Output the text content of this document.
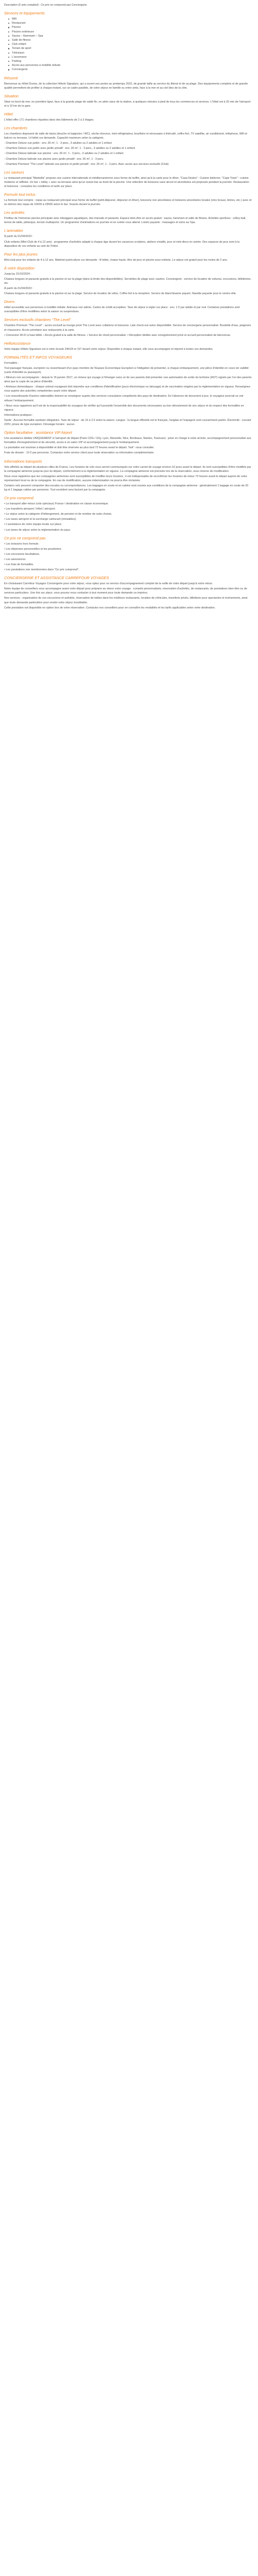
Description (5 sets compiled) : Ce prix ne comprend pas Conciergerie.

Services et équipements
Wifi
Restaurant
Piscine
Piscine extérieure
Sauna – Hammam – Spa
Salle de fitness
Club enfant
Terrain de sport
Télévision
L'ascenseur
Parking
Accès aux personnes à mobilité réduite
Conciergerie
Résumé

Bienvenue au Hôtel Dunes, de la collection Hôtels Signature, qui a ouvert ses portes au printemps 2022, de grande taille au service du littoral et de sa plage. Des équipements complets et de grande qualité permettent de profiter à chaque instant, sur un cadre paisible, de votre séjour en famille ou entre amis, face à la mer et au ciel bleu de la côte.

Situation

Situé en bord de mer, en première ligne, face à la grande plage de sable fin, en plein cœur de la station, à quelques minutes à pied de tous les commerces et services. L'hôtel est à 20 min de l'aéroport et à 10 km de la gare.

Hôtel

L'hôtel offre 171 chambres réparties dans des bâtiments de 2 à 3 étages.

Les chambres

Les chambres disposent de salle de bains (douche et baignoire / WC), sèche-cheveux, mini-réfrigérateur, bouilloire et nécessaire à thé/café, coffre-fort, TV satellite, air conditionné, téléphone, Wifi et balcon ou terrasse. Lit bébé sur demande. Capacité maximum selon la catégorie.

- Chambre Deluxe vue jardin : env. 26 m², 1 - 3 pers., 3 adultes ou 2 adultes et 1 enfant.

- Chambre Deluxe vue jardin avec jardin privatif : env. 26 m², 1 - 3 pers., 3 adultes ou 2 adultes et 1 enfant.

- Chambre Deluxe latérale vue piscine : env. 26 m², 1 - 3 pers., 3 adultes ou 2 adultes et 1 enfant.

- Chambre Deluxe latérale vue piscine avec jardin privatif : env. 26 m², 1 - 3 pers.

- Chambre Premium "The Level" latérale vue piscine et jardin privatif : env. 26 m², 1 - 3 pers. Avec accès aux services exclusifs (Club).

Les saveurs

Le restaurant principal "Marbella" propose une cuisine internationale et méditerranéenne sous forme de buffet, ainsi qu'à la carte pour le dîner. "Casa Nostra" : Cuisine italienne. "Cape Town" : cuisine moderne et raffinée. Un bar « lobby » avec sa terrasse ainsi qu'un snack-bar au bord de la piscine. Une sélection de boissons sans alcool et alcoolisées est proposée pendant la journée. Restauration et boissons : consultez les conditions et tarifs sur place.

Formule tout inclus

La formule tout compris : repas au restaurant principal sous forme de buffet (petit-déjeuner, déjeuner et dîner), boissons non alcoolisées et boissons alcoolisées locales (vins locaux, bières, etc.) avec et en dehors des repas de 10h00 à 23h00 selon le bar. Snacks durant la journée.

Les activités

Profitez de l'immense piscine principale avec toboggans aquatiques, des transats et parasols. Espace bien-être en accès gratuit : sauna, hammam et salle de fitness. Activités sportives : volley-ball, tennis de table, pétanque, terrain multisports. Un programme d'animations en journée et en soirée vous attend. Loisirs payants : massages et soins au Spa.

L'animation

À partir du 01/04/2023 :

Club enfants (Mini-Club de 4 à 12 ans) : programme d'activités adapté à chaque âge durant les vacances scolaires, ateliers créatifs, jeux et mini-disco en soirée. Des espaces de jeux sont à la disposition de vos enfants au sein de l'hôtel.

Pour les plus jeunes

Mini-club pour les enfants de 4 à 12 ans. Matériel puériculture sur demande : lit bébé, chaise haute. Aire de jeux et piscine pour enfants. Le séjour est gratuit pour les moins de 2 ans.

À votre disposition

Jusqu'au 31/10/2024 :

Chaises longues et parasols gratuits à la piscine et sur la plage (dans la limite des disponibilités). Serviettes de plage avec caution. Conciergerie : service de location de voitures, excursions, billetteries, etc.

À partir du 01/04/2023 :

Chaises longues et parasols gratuits à la piscine et sur la plage. Service de location de vélos. Coffre-fort à la réception. Service de blanchisserie payant. Navette payante pour le centre-ville.

Divers

Hôtel accessible aux personnes à mobilité réduite. Animaux non admis. Cartes de crédit acceptées. Taxe de séjour à régler sur place : env. 1 € par adulte et par nuit. Certaines prestations sont susceptibles d'être modifiées selon la saison ou suspendues.

Services exclusifs chambres "The Level"

Chambre Premium "The Level" : accès exclusif au lounge privé The Level avec collations et boissons. Late check-out selon disponibilité. Service de conciergerie personnalisé. Bouteille d'eau, peignoirs et chaussons. Accès prioritaire aux restaurants à la carte.

• Connexion Wi-Fi à haut débit. • Accès gratuit à la salle de fitness. • Service de réveil personnalisé. • Réception dédiée avec enregistrement privé et accueil personnalisé de bienvenue.

HelloAssistance

Votre équipe Hôtels Signature est à votre écoute 24h/24 et 7j/7 durant votre séjour. Disponible à chaque instant, elle vous accompagne et répond à toutes vos demandes.

FORMALITÉS ET INFOS VOYAGEURS

Formalités :

Tout passager français, européen ou ressortissant d'un pays membre de l'Espace Économique Européen à l'obligation de présenter, à chaque embarquement, une pièce d'identité en cours de validité (carte d'identité ou passeport).

• Mineurs non accompagnés : depuis le 15 janvier 2017, un mineur qui voyage à l'étranger sans un de ses parents doit présenter une autorisation de sortie du territoire (AST) signée par l'un des parents ainsi que la copie de sa pièce d'identité.

• Animaux domestiques : chaque animal voyageant doit répondre aux conditions d'identification (puce électronique ou tatouage) et de vaccination exigées par la réglementation en vigueur. Renseignez-vous auprès des autorités compétentes avant votre départ.

• Les ressortissants d'autres nationalités doivent se renseigner auprès des services consulaires compétents des pays de destination. En l'absence de document à jour, le voyageur pourrait se voir refuser l'embarquement.

• Nous vous rappelons qu'il est de la responsabilité du voyageur de vérifier qu'il possède l'ensemble des documents nécessaires au bon déroulement de son séjour et du respect des formalités en vigueur.

Informations pratiques :

Santé : Aucune formalité sanitaire obligatoire. Taxe de séjour : de 1€ à 3 € selon la saison. Langue : la langue officielle est le français, l'anglais et l'espagnol sont couramment parlés. Électricité : courant 220V, prises de type européen. Décalage horaire : aucun.

Option facultative : assistance VIP Airport

Une assistance dédiée UNIQUEMENT à l'aéroport de départ (Paris CDG / Orly, Lyon, Marseille, Nice, Bordeaux, Nantes, Toulouse) : prise en charge à votre arrivée, accompagnement personnalisé aux formalités d'enregistrement et de sécurité, accès à un salon VIP et accompagnement jusqu'à l'embarquement.

La prestation est soumise à disponibilité et doit être réservée au plus tard 72 heures avant le départ. Tarif : nous consulter.

Frais de dossier : 10 € par personne. Contactez notre service client pour toute réservation ou information complémentaire.

Informations transports

Vols affrétés au départ de plusieurs villes de France. Les horaires de vols vous seront communiqués sur votre carnet de voyage environ 10 jours avant le départ. Ils sont susceptibles d'être modifiés par la compagnie aérienne jusqu'au jour du départ, conformément à la réglementation en vigueur. La compagnie aérienne est précisée lors de la réservation, sous réserve de modification.

Nous vous rappelons que les compagnies aériennes sont susceptibles de modifier leurs horaires ; il est indispensable de reconfirmer les horaires de retour 72 heures avant le départ auprès de votre représentant local ou de la compagnie. En cas de modification, aucune indemnisation ne pourra être réclamée.

Certains vols peuvent comporter des escales ou correspondances. Les bagages en soute et en cabine sont soumis aux conditions de la compagnie aérienne : généralement 1 bagage en soute de 20 kg et 1 bagage cabine par personne. Tout excédent sera facturé par la compagnie.

Ce prix comprend

• Le transport aller-retour (vols spéciaux) France / destination en classe économique.

• Les transferts aéroport / hôtel / aéroport.

• Le séjour selon la catégorie d'hébergement, de pension et de nombre de nuits choisis.

• Les taxes aéroport et la surcharge carburant (révisables).

• L'assistance de notre équipe locale sur place.

• Les taxes de séjour selon la réglementation du pays.

Ce prix ne comprend pas

• Les boissons hors formule.

• Les dépenses personnelles et les pourboires.

• Les excursions facultatives.

• Les assurances.

• Les frais de formalités.

• Les prestations non mentionnées dans "Ce prix comprend".

CONCIERGERIE ET ASSISTANCE CARREFOUR VOYAGES

En choisissant Carrefour Voyages Conciergerie pour votre séjour, vous optez pour un service d'accompagnement complet de la veille de votre départ jusqu'à votre retour.

Notre équipe de conseillers vous accompagne avant votre départ pour préparer au mieux votre voyage : conseils personnalisés, réservation d'activités, de restaurants, de prestations bien-être ou de services particuliers. Une fois sur place, vous pouvez nous contacter à tout moment pour toute demande ou imprévu.

Nos services : organisation de vos excursions et activités, réservation de tables dans les meilleurs restaurants, location de véhicules, transferts privés, billetterie pour spectacles et événements, ainsi que toute demande particulière pour rendre votre séjour inoubliable.

Cette prestation est disponible en option lors de votre réservation. Contactez nos conseillers pour en connaître les modalités et les tarifs applicables selon votre destination.
